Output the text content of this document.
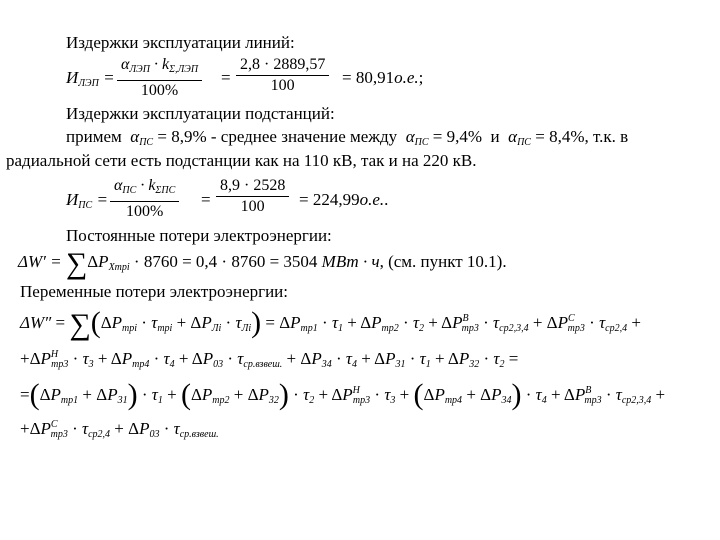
Издержки эксплуатации линий:
$И_{ЛЭП}$ =
$\alpha_{ЛЭП} \cdot k_{\Sigma,ЛЭП}$
100%
=
2,8 · 2889,57
100	= 80,91о.е.;
Издержки эксплуатации подстанций:
примем $\alpha_{ПС} = 8,9\%$ - среднее значение между $\alpha_{ПС} = 9,4\%$ и $\alpha_{ПС} = 8,4\%$, т.к. в
радиальной сети есть подстанции как на 110 кВ, так и на 220 кВ.
$И_{ПС}$ =
$\alpha_{ПС} \cdot k_{\Sigma ПС}$
100%
=
8,9 · 2528
100	= 224,99о.е..
Постоянные потери электроэнергии:
$\Delta W' = \sum\Delta P_{Xтрi} \cdot 8760 = 0,4 \cdot 8760 = 3504$ МВт · ч, (см. пункт 10.1).
Переменные потери электроэнергии:
$\Delta W'' = \sum(\Delta P_{трi} \cdot \tau_{трi} + \Delta P_{Лi} \cdot \tau_{Лi}) = \Delta P_{тр1} \cdot \tau_1 + \Delta P_{тр2} \cdot \tau_2 + \Delta P^B_{тр3} \cdot \tau_{ср2,3,4} + \Delta P^C_{тр3} \cdot \tau_{ср2,4}$ +
$+\Delta P^H_{тр3} \cdot \tau_3 + \Delta P_{тр4} \cdot \tau_4 + \Delta P_{03} \cdot \tau_{ср.взвеш.} + \Delta P_{34} \cdot \tau_4 + \Delta P_{31} \cdot \tau_1 + \Delta P_{32} \cdot \tau_2$ =
$=(\Delta P_{тр1} + \Delta P_{31}) \cdot \tau_1 + (\Delta P_{тр2} + \Delta P_{32}) \cdot \tau_2 + \Delta P^H_{тр3} \cdot \tau_3 + (\Delta P_{тр4} + \Delta P_{34}) \cdot \tau_4 + \Delta P^B_{тр3} \cdot \tau_{ср2,3,4}$ +
$+\Delta P^C_{тр3} \cdot \tau_{ср2,4} + \Delta P_{03} \cdot \tau_{ср.взвеш.}$
